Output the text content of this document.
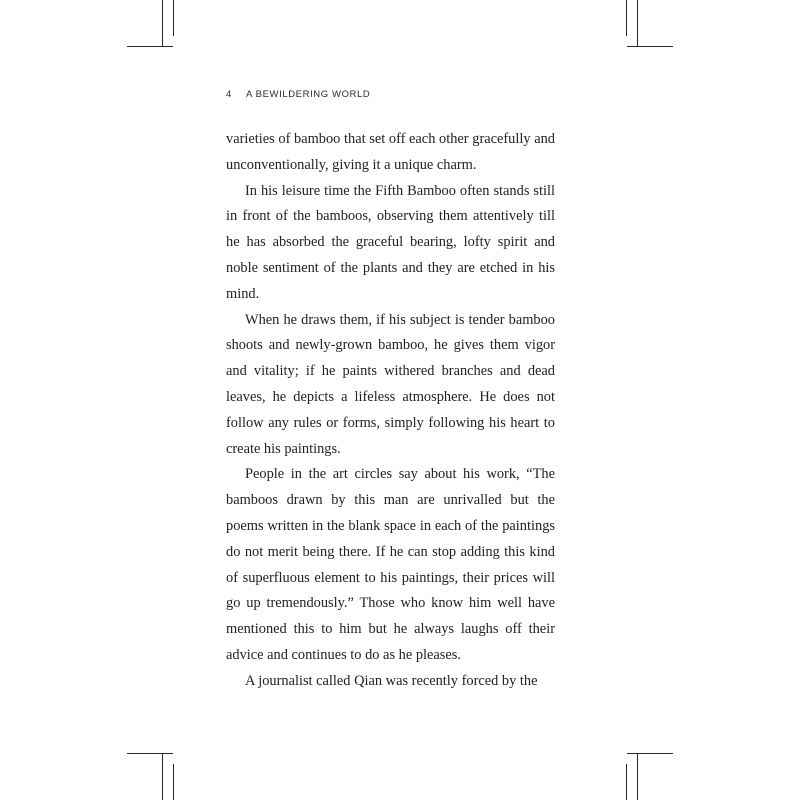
4 A BEWILDERING WORLD

varieties of bamboo that set off each other gracefully and unconventionally, giving it a unique charm.

In his leisure time the Fifth Bamboo often stands still in front of the bamboos, observing them attentively till he has absorbed the graceful bearing, lofty spirit and noble sentiment of the plants and they are etched in his mind.

When he draws them, if his subject is tender bamboo shoots and newly-grown bamboo, he gives them vigor and vitality; if he paints withered branches and dead leaves, he depicts a lifeless atmosphere. He does not follow any rules or forms, simply following his heart to create his paintings.

People in the art circles say about his work, “The bamboos drawn by this man are unrivalled but the poems written in the blank space in each of the paintings do not merit being there. If he can stop adding this kind of superfluous element to his paintings, their prices will go up tremendously.” Those who know him well have mentioned this to him but he always laughs off their advice and continues to do as he pleases.

A journalist called Qian was recently forced by the
